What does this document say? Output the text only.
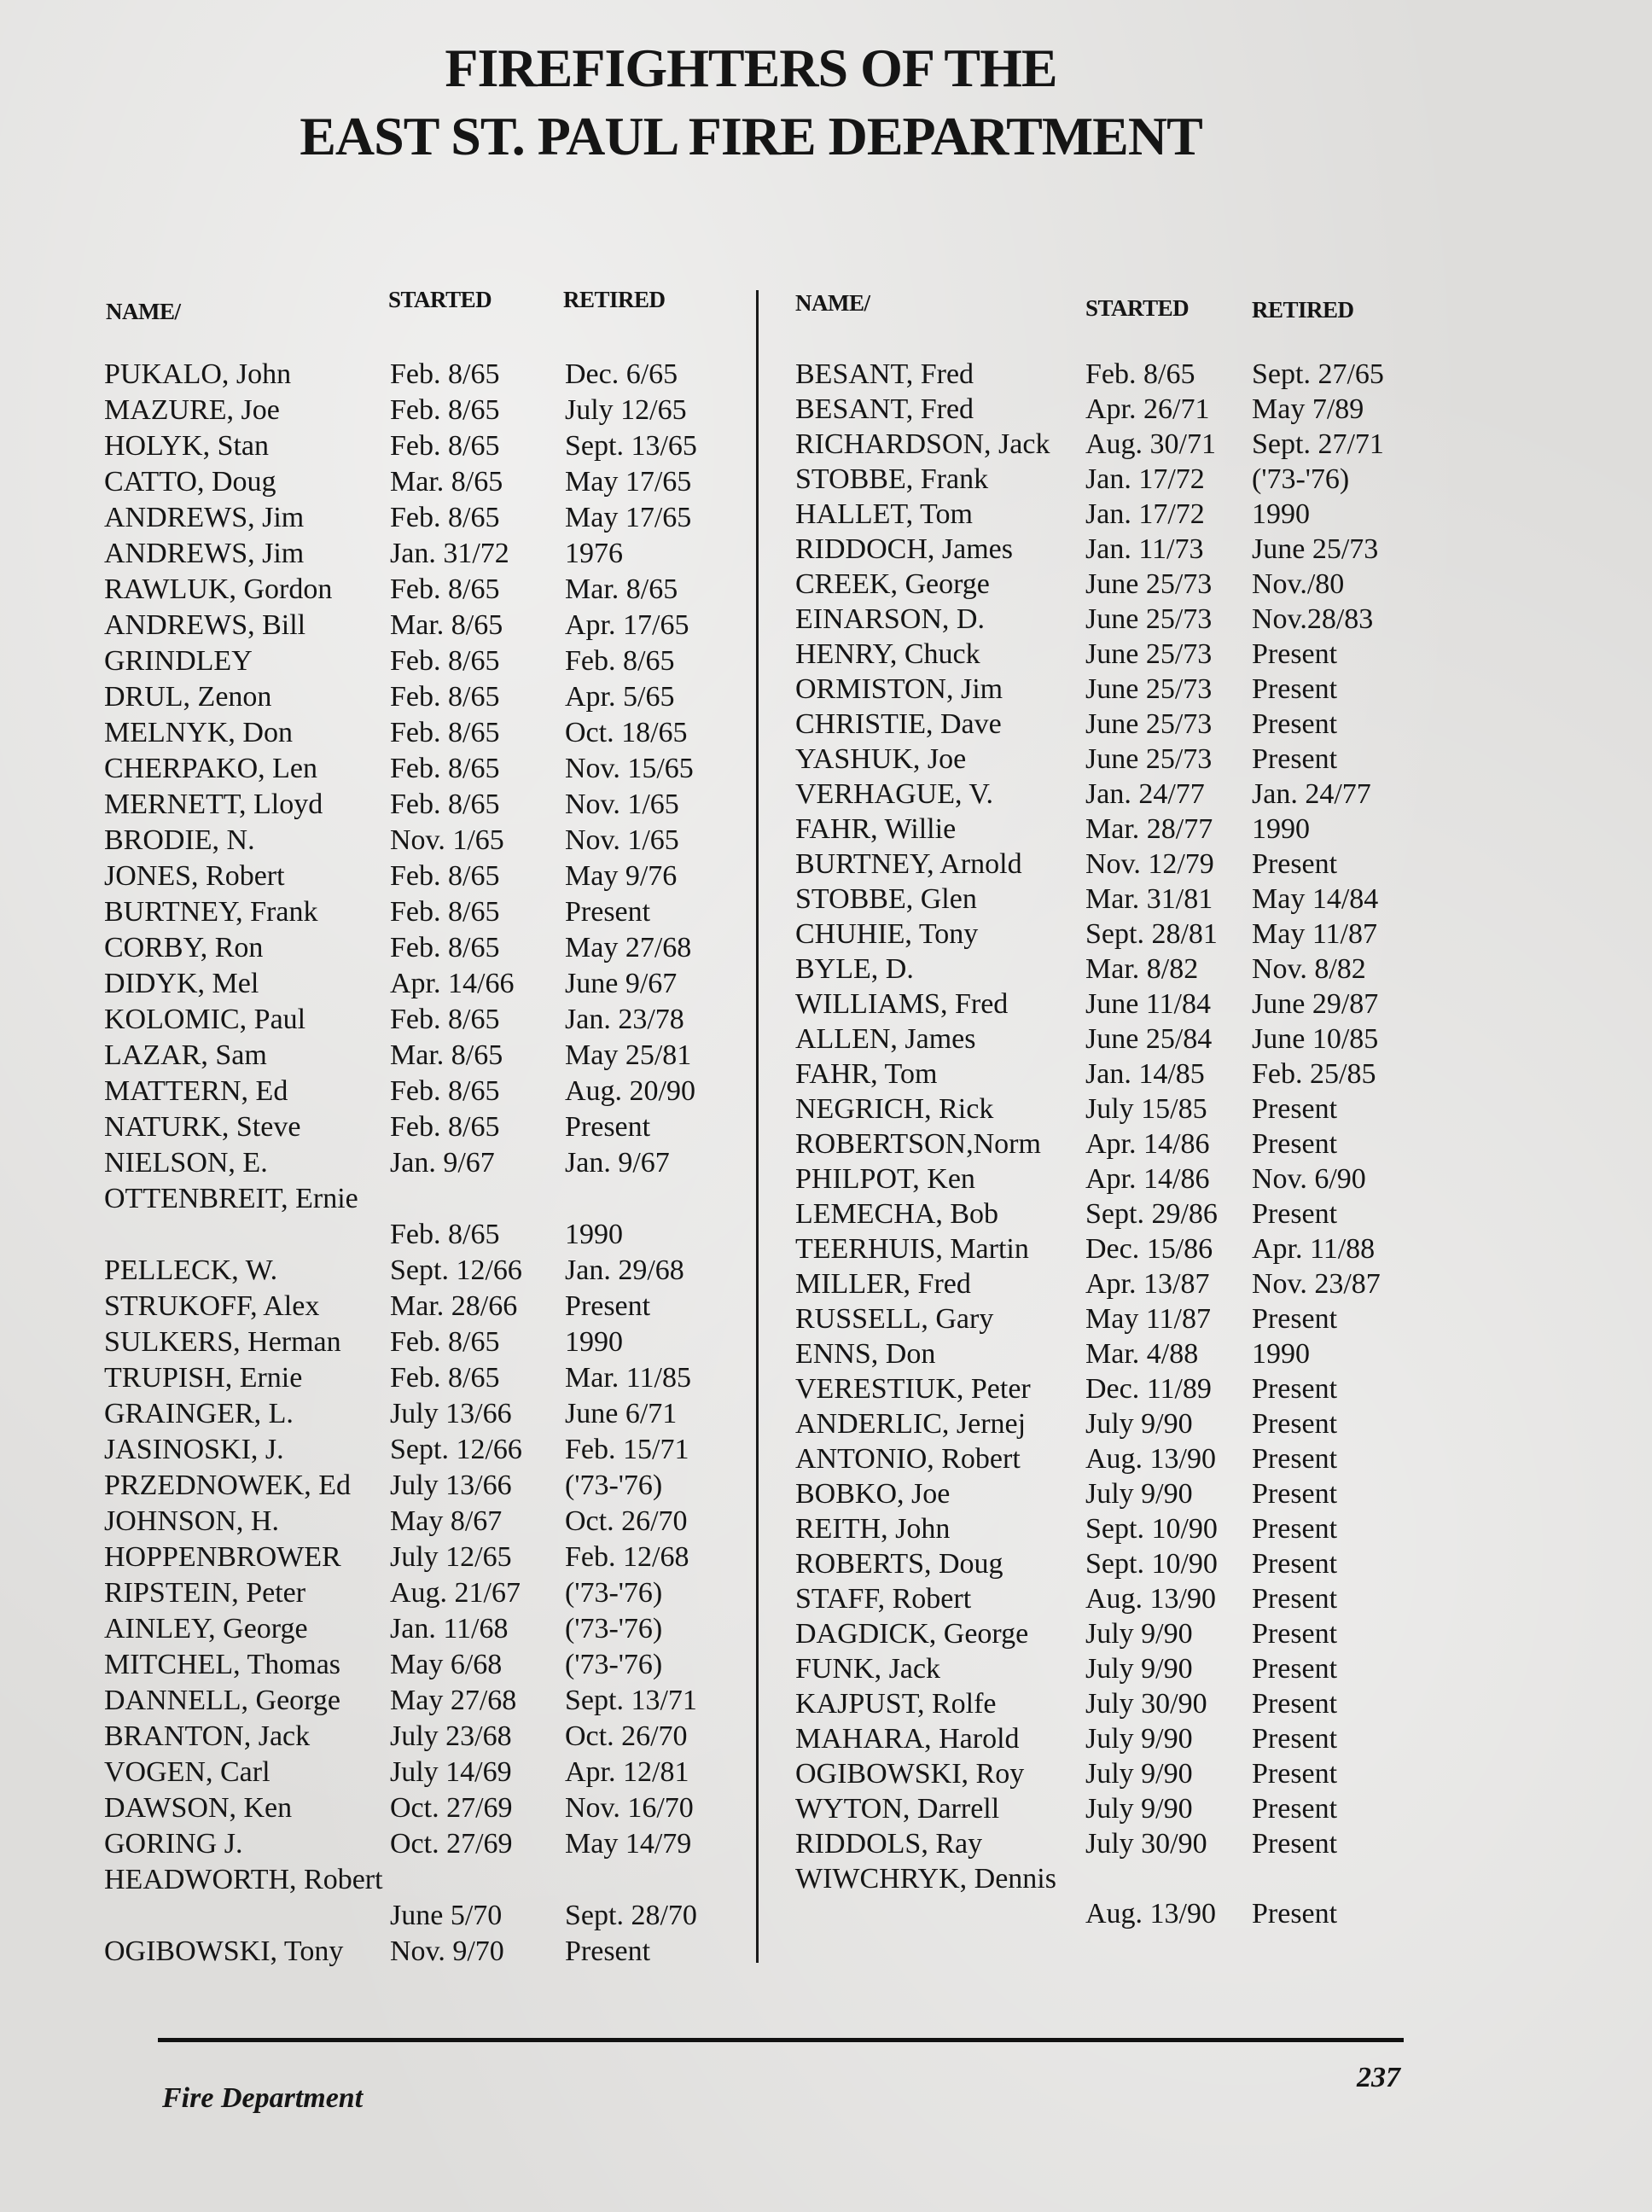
FIREFIGHTERS OF THE
EAST ST. PAUL FIRE DEPARTMENT
NAME/	STARTED	RETIRED	NAME/	STARTED	RETIRED
PUKALO, John	Feb. 8/65 Dec. 6/65
MAZURE, Joe	Feb. 8/65 July 12/65
HOLYK, Stan	Feb. 8/65 Sept. 13/65
CATTO, Doug	Mar. 8/65 May 17/65
ANDREWS, Jim	Feb. 8/65 May 17/65
ANDREWS, Jim	Jan. 31/72 1976
RAWLUK, Gordon Feb. 8/65 Mar. 8/65
ANDREWS, Bill	Mar. 8/65 Apr. 17/65
GRINDLEY	Feb. 8/65 Feb. 8/65
DRUL, Zenon	Feb. 8/65 Apr. 5/65
MELNYK, Don	Feb. 8/65 Oct. 18/65
CHERPAKO, Len	Feb. 8/65 Nov. 15/65
MERNETT, Lloyd Feb. 8/65 Nov. 1/65
BRODIE, N.	Nov. 1/65 Nov. 1/65
JONES, Robert	Feb. 8/65 May 9/76
BURTNEY, Frank Feb. 8/65 Present
CORBY, Ron	Feb. 8/65 May 27/68
DIDYK, Mel	Apr. 14/66 June 9/67
KOLOMIC, Paul	Feb. 8/65 Jan. 23/78
LAZAR, Sam	Mar. 8/65 May 25/81
MATTERN, Ed	Feb. 8/65 Aug. 20/90
NATURK, Steve	Feb. 8/65 Present
NIELSON, E.	Jan. 9/67 Jan. 9/67
OTTENBREIT, Ernie
Feb. 8/65 1990
PELLECK, W.	Sept. 12/66 Jan. 29/68
STRUKOFF, Alex Mar. 28/66 Present
SULKERS, Herman Feb. 8/65 1990
TRUPISH, Ernie	Feb. 8/65 Mar. 11/85
GRAINGER, L.	July 13/66 June 6/71
JASINOSKI, J.	Sept. 12/66 Feb. 15/71
PRZEDNOWEK, Ed July 13/66 ('73-'76)
JOHNSON, H.	May 8/67 Oct. 26/70
HOPPENBROWER July 12/65 Feb. 12/68
RIPSTEIN, Peter	Aug. 21/67 ('73-'76)
AINLEY, George	Jan. 11/68 ('73-'76)
MITCHEL, Thomas May 6/68 ('73-'76)
DANNELL, George May 27/68 Sept. 13/71
BRANTON, Jack	July 23/68 Oct. 26/70
VOGEN, Carl	July 14/69 Apr. 12/81
DAWSON, Ken	Oct. 27/69 Nov. 16/70
GORING J.	Oct. 27/69 May 14/79
HEADWORTH, Robert
June 5/70 Sept. 28/70
OGIBOWSKI, Tony Nov. 9/70 Present
BESANT, Fred	Feb. 8/65 Sept. 27/65
BESANT, Fred	Apr. 26/71 May 7/89
RICHARDSON, Jack Aug. 30/71 Sept. 27/71
STOBBE, Frank	Jan. 17/72 ('73-'76)
HALLET, Tom	Jan. 17/72 1990
RIDDOCH, James	Jan. 11/73 June 25/73
CREEK, George	June 25/73 Nov./80
EINARSON, D.	June 25/73 Nov.28/83
HENRY, Chuck	June 25/73 Present
ORMISTON, Jim	June 25/73 Present
CHRISTIE, Dave	June 25/73 Present
YASHUK, Joe	June 25/73 Present
VERHAGUE, V.	Jan. 24/77 Jan. 24/77
FAHR, Willie	Mar. 28/77 1990
BURTNEY, Arnold Nov. 12/79 Present
STOBBE, Glen	Mar. 31/81 May 14/84
CHUHIE, Tony	Sept. 28/81 May 11/87
BYLE, D.	Mar. 8/82 Nov. 8/82
WILLIAMS, Fred	June 11/84 June 29/87
ALLEN, James	June 25/84 June 10/85
FAHR, Tom	Jan. 14/85 Feb. 25/85
NEGRICH, Rick	July 15/85 Present
ROBERTSON,Norm Apr. 14/86 Present
PHILPOT, Ken	Apr. 14/86 Nov. 6/90
LEMECHA, Bob	Sept. 29/86 Present
TEERHUIS, Martin Dec. 15/86 Apr. 11/88
MILLER, Fred	Apr. 13/87 Nov. 23/87
RUSSELL, Gary	May 11/87 Present
ENNS, Don	Mar. 4/88 1990
VERESTIUK, Peter Dec. 11/89 Present
ANDERLIC, Jernej July 9/90 Present
ANTONIO, Robert Aug. 13/90 Present
BOBKO, Joe	July 9/90 Present
REITH, John	Sept. 10/90 Present
ROBERTS, Doug	Sept. 10/90 Present
STAFF, Robert	Aug. 13/90 Present
DAGDICK, George July 9/90 Present
FUNK, Jack	July 9/90 Present
KAJPUST, Rolfe	July 30/90 Present
MAHARA, Harold July 9/90 Present
OGIBOWSKI, Roy July 9/90 Present
WYTON, Darrell	July 9/90 Present
RIDDOLS, Ray	July 30/90 Present
WIWCHRYK, Dennis
Aug. 13/90 Present
Fire Department
237
